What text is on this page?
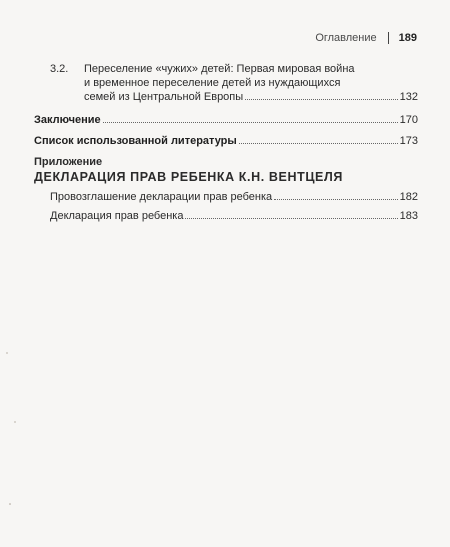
Оглавление 189
3.2.	Переселение «чужих» детей: Первая мировая война
и временное переселение детей из нуждающихся
семей из Центральной Европы	132
Заключение	170
Список использованной литературы	173
Приложение
ДЕКЛАРАЦИЯ ПРАВ РЕБЕНКА К.Н. ВЕНТЦЕЛЯ
Провозглашение декларации прав ребенка	182
Декларация прав ребенка	183
